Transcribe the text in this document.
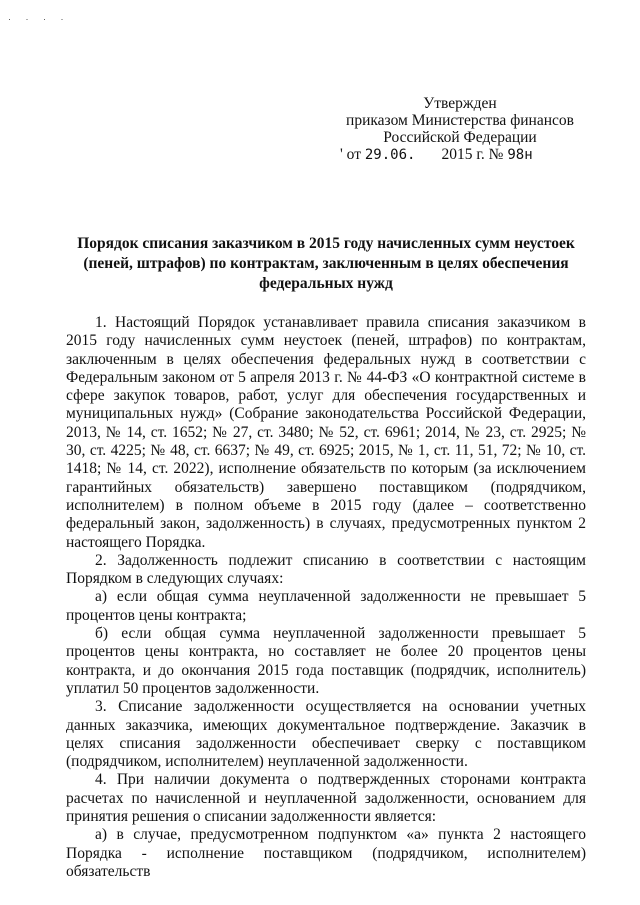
· · · ·
Утвержден
приказом Министерства финансов
Российской Федерации
' от 29.06. 2015 г. № 98н
Порядок списания заказчиком в 2015 году начисленных сумм неустоек
(пеней, штрафов) по контрактам, заключенным в целях обеспечения
федеральных нужд

1. Настоящий Порядок устанавливает правила списания заказчиком в 2015 году начисленных сумм неустоек (пеней, штрафов) по контрактам, заключенным в целях обеспечения федеральных нужд в соответствии с Федеральным законом от 5 апреля 2013 г. № 44-ФЗ «О контрактной системе в сфере закупок товаров, работ, услуг для обеспечения государственных и муниципальных нужд» (Собрание законодательства Российской Федерации, 2013, № 14, ст. 1652; № 27, ст. 3480; № 52, ст. 6961; 2014, № 23, ст. 2925; № 30, ст. 4225; № 48, ст. 6637; № 49, ст. 6925; 2015, № 1, ст. 11, 51, 72; № 10, ст. 1418; № 14, ст. 2022), исполнение обязательств по которым (за исключением гарантийных обязательств) завершено поставщиком (подрядчиком, исполнителем) в полном объеме в 2015 году (далее – соответственно федеральный закон, задолженность) в случаях, предусмотренных пунктом 2 настоящего Порядка.

2. Задолженность подлежит списанию в соответствии с настоящим Порядком в следующих случаях:

а) если общая сумма неуплаченной задолженности не превышает 5 процентов цены контракта;

б) если общая сумма неуплаченной задолженности превышает 5 процентов цены контракта, но составляет не более 20 процентов цены контракта, и до окончания 2015 года поставщик (подрядчик, исполнитель) уплатил 50 процентов задолженности.

3. Списание задолженности осуществляется на основании учетных данных заказчика, имеющих документальное подтверждение. Заказчик в целях списания задолженности обеспечивает сверку с поставщиком (подрядчиком, исполнителем) неуплаченной задолженности.

4. При наличии документа о подтвержденных сторонами контракта расчетах по начисленной и неуплаченной задолженности, основанием для принятия решения о списании задолженности является:

а) в случае, предусмотренном подпунктом «а» пункта 2 настоящего Порядка - исполнение поставщиком (подрядчиком, исполнителем) обязательств
